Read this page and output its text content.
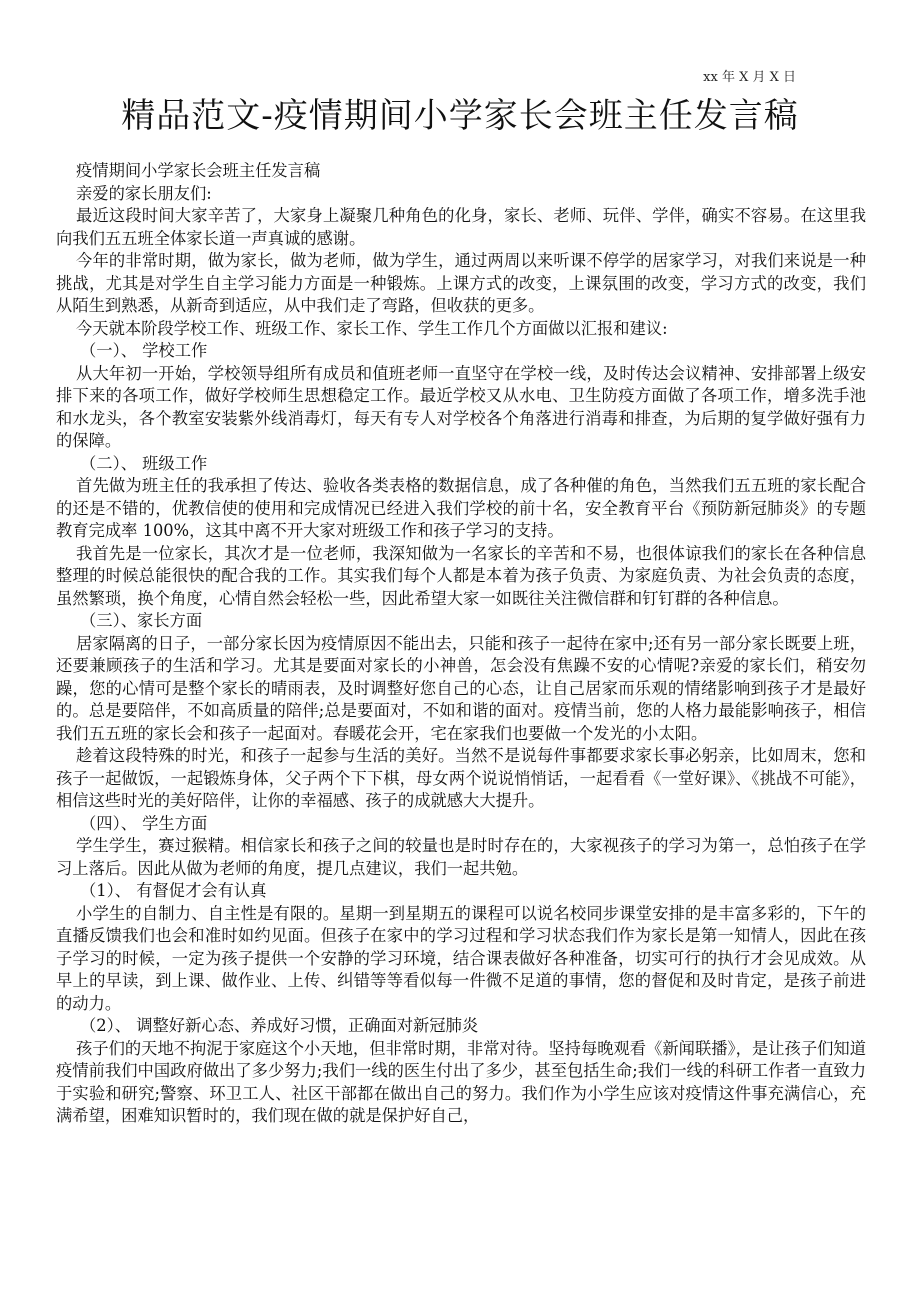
xx 年 X 月 X 日
精品范文-疫情期间小学家长会班主任发言稿

疫情期间小学家长会班主任发言稿

亲爱的家长朋友们:

最近这段时间大家辛苦了，大家身上凝聚几种角色的化身，家长、老师、玩伴、学伴，确实不容易。在这里我向我们五五班全体家长道一声真诚的感谢。

今年的非常时期，做为家长，做为老师，做为学生，通过两周以来听课不停学的居家学习，对我们来说是一种挑战，尤其是对学生自主学习能力方面是一种锻炼。上课方式的改变，上课氛围的改变，学习方式的改变，我们从陌生到熟悉，从新奇到适应，从中我们走了弯路，但收获的更多。

今天就本阶段学校工作、班级工作、家长工作、学生工作几个方面做以汇报和建议:

（一）、 学校工作

从大年初一开始，学校领导组所有成员和值班老师一直坚守在学校一线，及时传达会议精神、安排部署上级安排下来的各项工作，做好学校师生思想稳定工作。最近学校又从水电、卫生防疫方面做了各项工作，增多洗手池和水龙头，各个教室安装紫外线消毒灯，每天有专人对学校各个角落进行消毒和排查，为后期的复学做好强有力的保障。

（二）、 班级工作

首先做为班主任的我承担了传达、验收各类表格的数据信息，成了各种催的角色，当然我们五五班的家长配合的还是不错的，优教信使的使用和完成情况已经进入我们学校的前十名，安全教育平台《预防新冠肺炎》的专题教育完成率 100%，这其中离不开大家对班级工作和孩子学习的支持。

我首先是一位家长，其次才是一位老师，我深知做为一名家长的辛苦和不易，也很体谅我们的家长在各种信息整理的时候总能很快的配合我的工作。其实我们每个人都是本着为孩子负责、为家庭负责、为社会负责的态度，虽然繁琐，换个角度，心情自然会轻松一些，因此希望大家一如既往关注微信群和钉钉群的各种信息。

（三）、家长方面

居家隔离的日子，一部分家长因为疫情原因不能出去，只能和孩子一起待在家中;还有另一部分家长既要上班，还要兼顾孩子的生活和学习。尤其是要面对家长的小神兽，怎会没有焦躁不安的心情呢?亲爱的家长们，稍安勿躁，您的心情可是整个家长的晴雨表，及时调整好您自己的心态，让自己居家而乐观的情绪影响到孩子才是最好的。总是要陪伴，不如高质量的陪伴;总是要面对，不如和谐的面对。疫情当前，您的人格力最能影响孩子，相信我们五五班的家长会和孩子一起面对。春暖花会开，宅在家我们也要做一个发光的小太阳。

趁着这段特殊的时光，和孩子一起参与生活的美好。当然不是说每件事都要求家长事必躬亲，比如周末，您和孩子一起做饭，一起锻炼身体，父子两个下下棋，母女两个说说悄悄话，一起看看《一堂好课》、《挑战不可能》，相信这些时光的美好陪伴，让你的幸福感、孩子的成就感大大提升。

（四）、 学生方面

学生学生，赛过猴精。相信家长和孩子之间的较量也是时时存在的，大家视孩子的学习为第一，总怕孩子在学习上落后。因此从做为老师的角度，提几点建议，我们一起共勉。

（1）、 有督促才会有认真

小学生的自制力、自主性是有限的。星期一到星期五的课程可以说名校同步课堂安排的是丰富多彩的，下午的直播反馈我们也会和准时如约见面。但孩子在家中的学习过程和学习状态我们作为家长是第一知情人，因此在孩子学习的时候，一定为孩子提供一个安静的学习环境，结合课表做好各种准备，切实可行的执行才会见成效。从早上的早读，到上课、做作业、上传、纠错等等看似每一件微不足道的事情，您的督促和及时肯定，是孩子前进的动力。

（2）、 调整好新心态、养成好习惯，正确面对新冠肺炎

孩子们的天地不拘泥于家庭这个小天地，但非常时期，非常对待。坚持每晚观看《新闻联播》，是让孩子们知道疫情前我们中国政府做出了多少努力;我们一线的医生付出了多少，甚至包括生命;我们一线的科研工作者一直致力于实验和研究;警察、环卫工人、社区干部都在做出自己的努力。我们作为小学生应该对疫情这件事充满信心，充满希望，困难知识暂时的，我们现在做的就是保护好自己，
